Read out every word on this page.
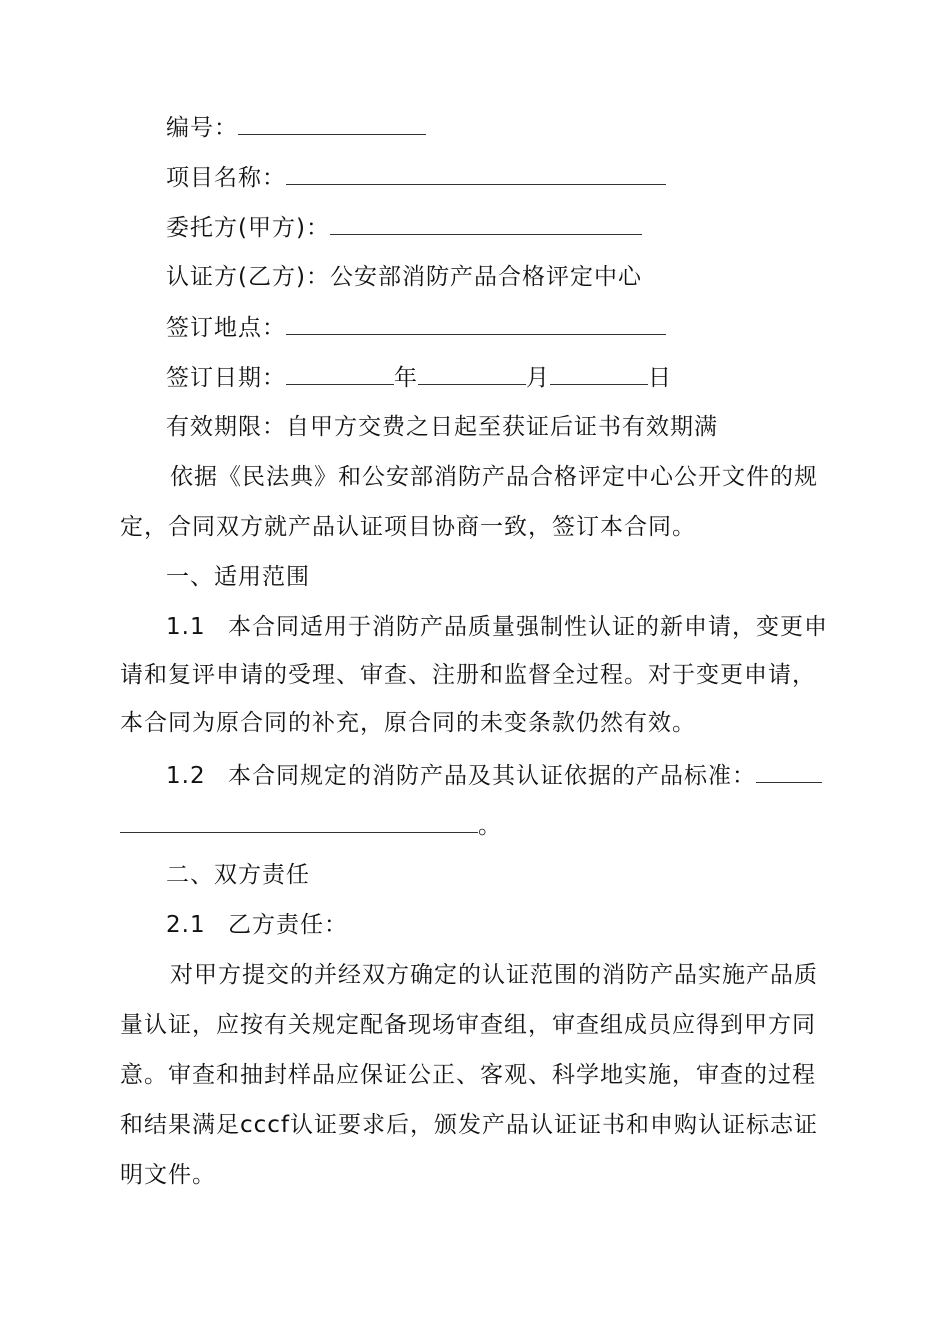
编号：
项目名称：
委托方(甲方)：
认证方(乙方)：公安部消防产品合格评定中心
签订地点：
签订日期：	年	月	日
有效期限：自甲方交费之日起至获证后证书有效期满
依据《民法典》和公安部消防产品合格评定中心公开文件的规
定，合同双方就产品认证项目协商一致，签订本合同。
一、适用范围
1.1 本合同适用于消防产品质量强制性认证的新申请，变更申
请和复评申请的受理、审查、注册和监督全过程。对于变更申请，
本合同为原合同的补充，原合同的未变条款仍然有效。
1.2 本合同规定的消防产品及其认证依据的产品标准：
。
二、双方责任
2.1 乙方责任：
对甲方提交的并经双方确定的认证范围的消防产品实施产品质
量认证，应按有关规定配备现场审查组，审查组成员应得到甲方同
意。审查和抽封样品应保证公正、客观、科学地实施，审查的过程
和结果满足cccf认证要求后，颁发产品认证证书和申购认证标志证
明文件。
